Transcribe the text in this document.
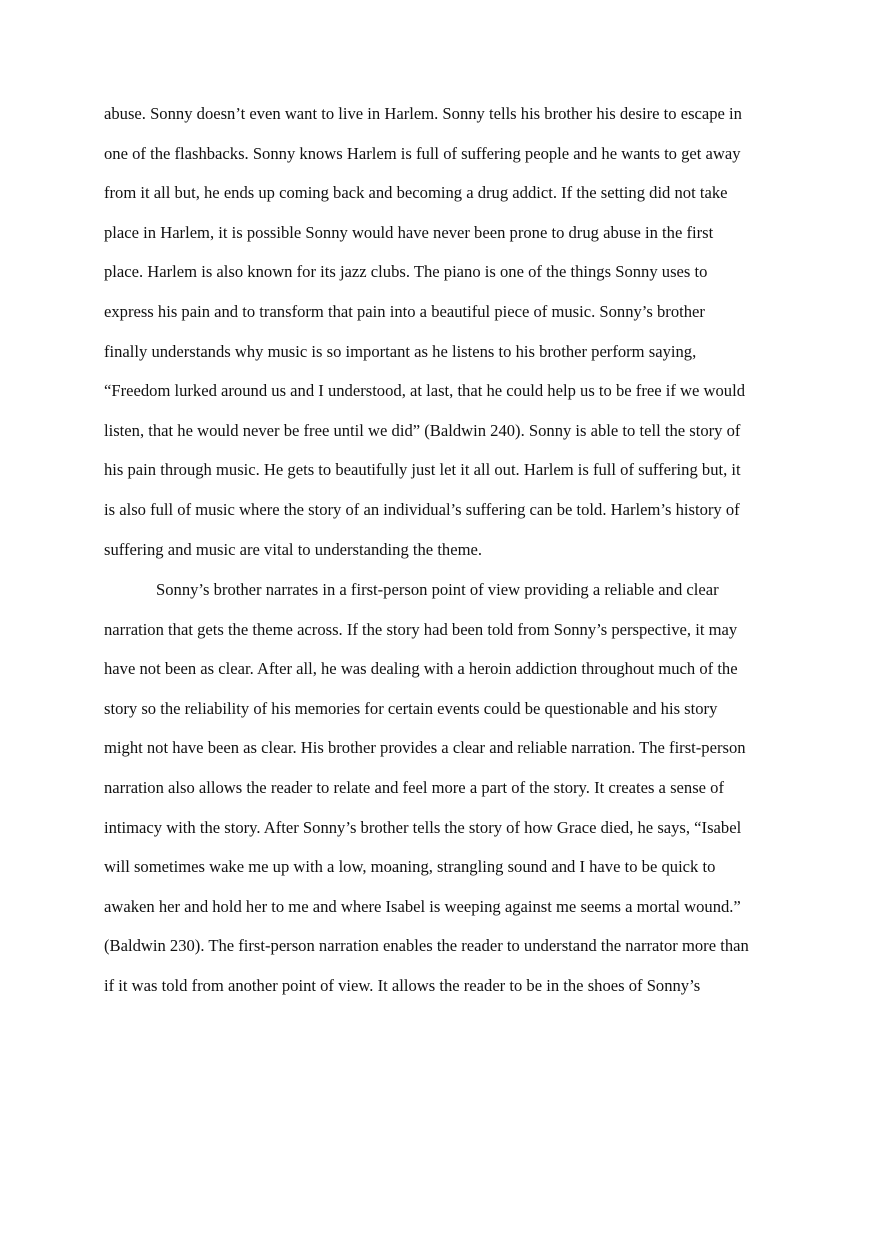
abuse. Sonny doesn’t even want to live in Harlem. Sonny tells his brother his desire to escape in

one of the flashbacks. Sonny knows Harlem is full of suffering people and he wants to get away

from it all but, he ends up coming back and becoming a drug addict. If the setting did not take

place in Harlem, it is possible Sonny would have never been prone to drug abuse in the first

place. Harlem is also known for its jazz clubs. The piano is one of the things Sonny uses to

express his pain and to transform that pain into a beautiful piece of music. Sonny’s brother

finally understands why music is so important as he listens to his brother perform saying,

“Freedom lurked around us and I understood, at last, that he could help us to be free if we would

listen, that he would never be free until we did” (Baldwin 240). Sonny is able to tell the story of

his pain through music. He gets to beautifully just let it all out. Harlem is full of suffering but, it

is also full of music where the story of an individual’s suffering can be told. Harlem’s history of

suffering and music are vital to understanding the theme.

Sonny’s brother narrates in a first-person point of view providing a reliable and clear

narration that gets the theme across. If the story had been told from Sonny’s perspective, it may

have not been as clear. After all, he was dealing with a heroin addiction throughout much of the

story so the reliability of his memories for certain events could be questionable and his story

might not have been as clear. His brother provides a clear and reliable narration. The first-person

narration also allows the reader to relate and feel more a part of the story. It creates a sense of

intimacy with the story. After Sonny’s brother tells the story of how Grace died, he says, “Isabel

will sometimes wake me up with a low, moaning, strangling sound and I have to be quick to

awaken her and hold her to me and where Isabel is weeping against me seems a mortal wound.”

(Baldwin 230). The first-person narration enables the reader to understand the narrator more than

if it was told from another point of view. It allows the reader to be in the shoes of Sonny’s
